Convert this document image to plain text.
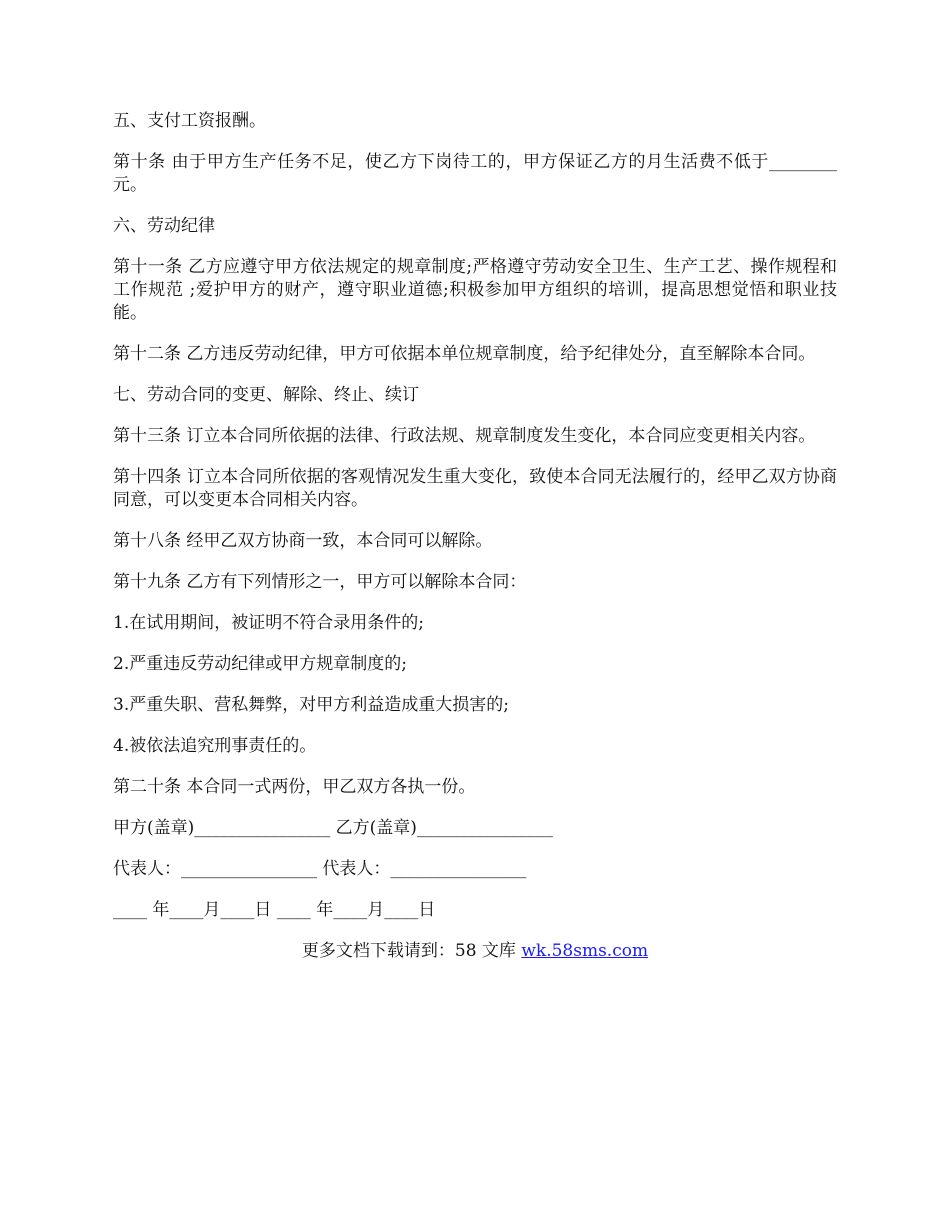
五、支付工资报酬。

第十条 由于甲方生产任务不足，使乙方下岗待工的，甲方保证乙方的月生活费不低于________元。

六、劳动纪律

第十一条 乙方应遵守甲方依法规定的规章制度;严格遵守劳动安全卫生、生产工艺、操作规程和工作规范 ;爱护甲方的财产，遵守职业道德;积极参加甲方组织的培训，提高思想觉悟和职业技能。

第十二条 乙方违反劳动纪律，甲方可依据本单位规章制度，给予纪律处分，直至解除本合同。

七、劳动合同的变更、解除、终止、续订

第十三条 订立本合同所依据的法律、行政法规、规章制度发生变化，本合同应变更相关内容。

第十四条 订立本合同所依据的客观情况发生重大变化，致使本合同无法履行的，经甲乙双方协商同意，可以变更本合同相关内容。

第十八条 经甲乙双方协商一致，本合同可以解除。

第十九条 乙方有下列情形之一，甲方可以解除本合同：

1.在试用期间，被证明不符合录用条件的;

2.严重违反劳动纪律或甲方规章制度的;

3.严重失职、营私舞弊，对甲方利益造成重大损害的;

4.被依法追究刑事责任的。

第二十条 本合同一式两份，甲乙双方各执一份。

甲方(盖章)________________ 乙方(盖章)________________

代表人：________________ 代表人：________________

____ 年____月____日 ____ 年____月____日

更多文档下载请到：58 文库 wk.58sms.com
